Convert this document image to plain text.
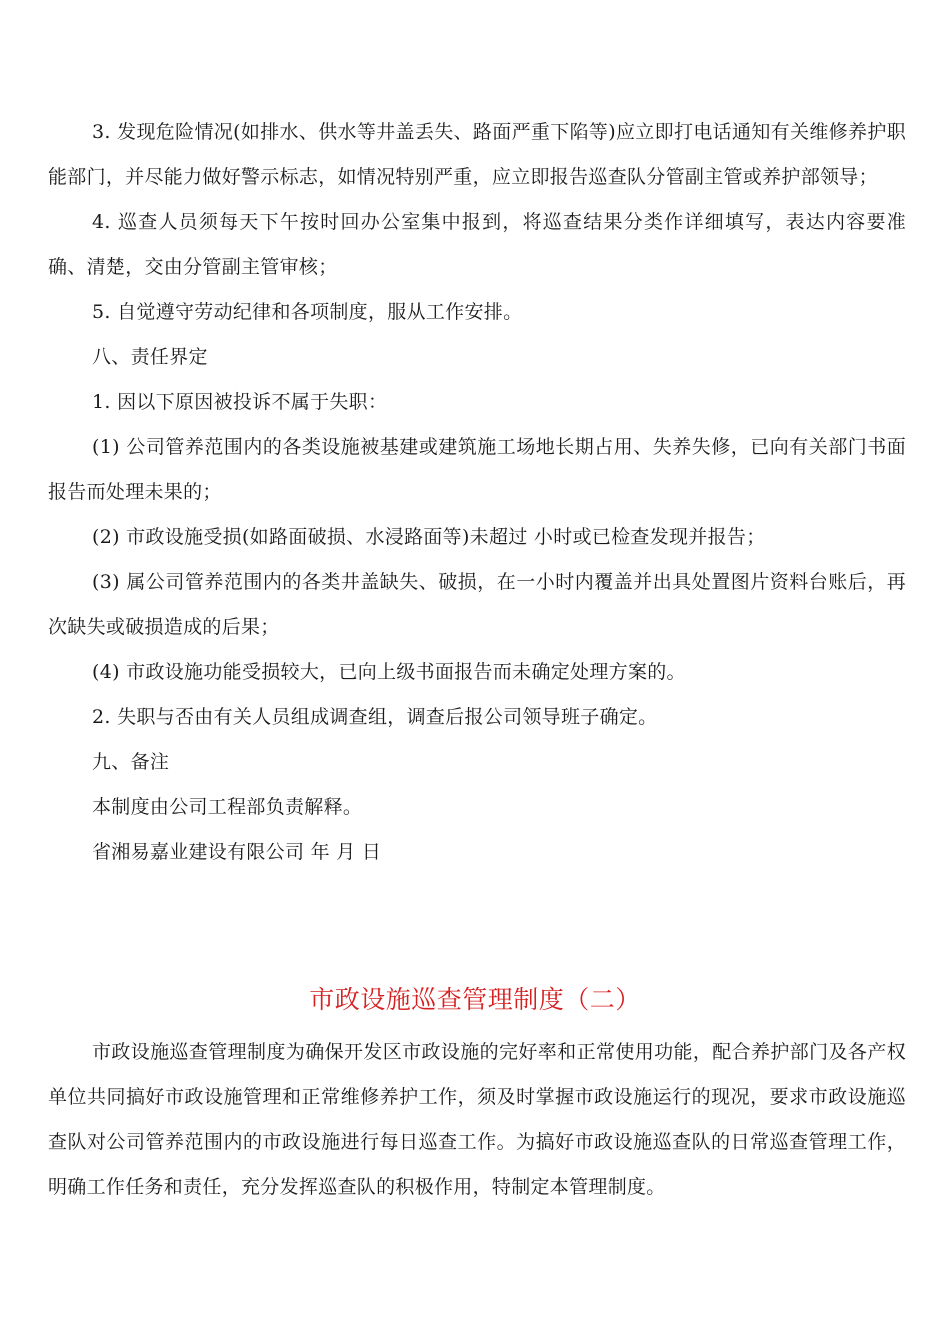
3. 发现危险情况(如排水、供水等井盖丢失、路面严重下陷等)应立即打电话通知有关维修养护职能部门，并尽能力做好警示标志，如情况特别严重，应立即报告巡查队分管副主管或养护部领导；

4. 巡查人员须每天下午按时回办公室集中报到，将巡查结果分类作详细填写，表达内容要准确、清楚，交由分管副主管审核；

5. 自觉遵守劳动纪律和各项制度，服从工作安排。

八、责任界定

1. 因以下原因被投诉不属于失职：

(1) 公司管养范围内的各类设施被基建或建筑施工场地长期占用、失养失修，已向有关部门书面报告而处理未果的；

(2) 市政设施受损(如路面破损、水浸路面等)未超过 小时或已检查发现并报告；

(3) 属公司管养范围内的各类井盖缺失、破损，在一小时内覆盖并出具处置图片资料台账后，再次缺失或破损造成的后果；

(4) 市政设施功能受损较大，已向上级书面报告而未确定处理方案的。

2. 失职与否由有关人员组成调查组，调查后报公司领导班子确定。

九、备注

本制度由公司工程部负责解释。

省湘易嘉业建设有限公司 年 月 日

市政设施巡查管理制度（二）

市政设施巡查管理制度为确保开发区市政设施的完好率和正常使用功能，配合养护部门及各产权单位共同搞好市政设施管理和正常维修养护工作，须及时掌握市政设施运行的现况，要求市政设施巡查队对公司管养范围内的市政设施进行每日巡查工作。为搞好市政设施巡查队的日常巡查管理工作，明确工作任务和责任，充分发挥巡查队的积极作用，特制定本管理制度。
